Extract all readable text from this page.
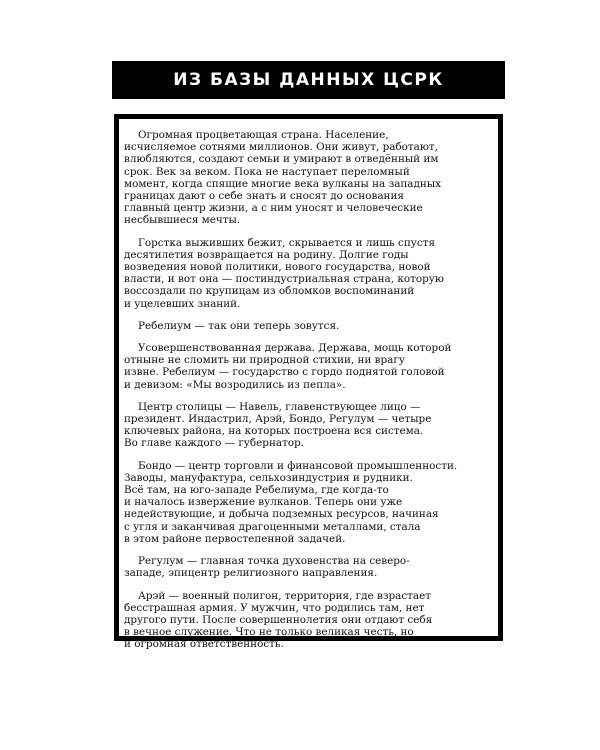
ИЗ БАЗЫ ДАННЫХ ЦСРК

Огромная процветающая страна. Население,
исчисляемое сотнями миллионов. Они живут, работают,
влюбляются, создают семьи и умирают в отведённый им
срок. Век за веком. Пока не наступает переломный
момент, когда спящие многие века вулканы на западных
границах дают о себе знать и сносят до основания
главный центр жизни, а с ним уносят и человеческие
несбывшиеся мечты.

Горстка выживших бежит, скрывается и лишь спустя
десятилетия возвращается на родину. Долгие годы
возведения новой политики, нового государства, новой
власти, и вот она — постиндустриальная страна, которую
воссоздали по крупицам из обломков воспоминаний
и уцелевших знаний.

Ребелиум — так они теперь зовутся.

Усовершенствованная держава. Держава, мощь которой
отныне не сломить ни природной стихии, ни врагу
извне. Ребелиум — государство с гордо поднятой головой
и девизом: «Мы возродились из пепла».

Центр столицы — Навель, главенствующее лицо —
президент. Индастрил, Арэй, Бондо, Регулум — четыре
ключевых района, на которых построена вся система.
Во главе каждого — губернатор.

Бондо — центр торговли и финансовой промышленности.
Заводы, мануфактура, сельхозиндустрия и рудники.
Всё там, на юго-западе Ребелиума, где когда-то
и началось извержение вулканов. Теперь они уже
недействующие, и добыча подземных ресурсов, начиная
с угля и заканчивая драгоценными металлами, стала
в этом районе первостепенной задачей.

Регулум — главная точка духовенства на северо-
западе, эпицентр религиозного направления.

Арэй — военный полигон, территория, где взрастает
бесстрашная армия. У мужчин, что родились там, нет
другого пути. После совершеннолетия они отдают себя
в вечное служение. Что не только великая честь, но
и огромная ответственность.
